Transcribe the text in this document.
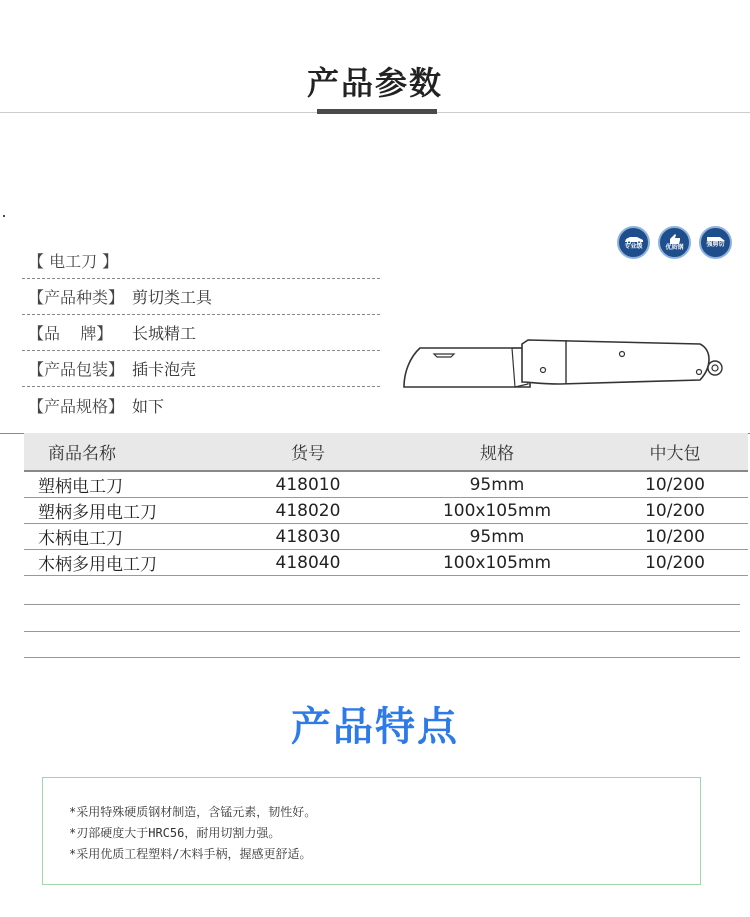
产品参数
【 电工刀 】
【产品种类】 剪切类工具
【品    牌】	长城精工
【产品包装】 插卡泡壳
【产品规格】 如下
专业级	优质钢	强剪切
商品名称	货号	规格	中大包
塑柄电工刀	418010	95mm	10/200
塑柄多用电工刀	418020	100x105mm	10/200
木柄电工刀	418030	95mm	10/200
木柄多用电工刀	418040	100x105mm	10/200
产品特点
*采用特殊硬质钢材制造，含锰元素，韧性好。
*刃部硬度大于HRC56，耐用切割力强。
*采用优质工程塑料/木料手柄，握感更舒适。
